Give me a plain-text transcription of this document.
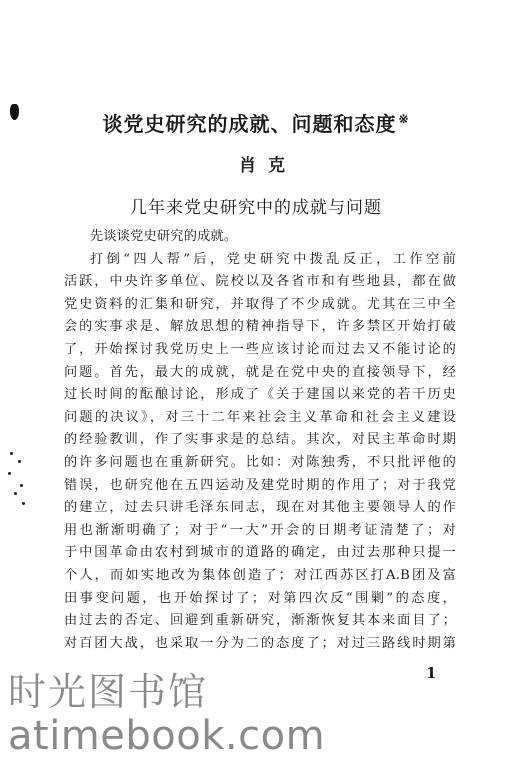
谈党史研究的成就、问题和态度 ※
肖克
几年来党史研究中的成就与问题
先谈谈党史研究的成就。
打倒“四人帮”后，党史研究中拨乱反正，工作空前
活跃，中央许多单位、院校以及各省市和有些地县，都在做
党史资料的汇集和研究，并取得了不少成就。尤其在三中全
会的实事求是、解放思想的精神指导下，许多禁区开始打破
了，开始探讨我党历史上一些应该讨论而过去又不能讨论的
问题。首先，最大的成就，就是在党中央的直接领导下，经
过长时间的酝酿讨论，形成了《关于建国以来党的若干历史
问题的决议》，对三十二年来社会主义革命和社会主义建设
的经验教训，作了实事求是的总结。其次，对民主革命时期
的许多问题也在重新研究。比如：对陈独秀，不只批评他的
错误，也研究他在五四运动及建党时期的作用了；对于我党
的建立，过去只讲毛泽东同志，现在对其他主要领导人的作
用也渐渐明确了；对于“一大”开会的日期考证清楚了；对
于中国革命由农村到城市的道路的确定，由过去那种只提一
个人，而如实地改为集体创造了；对江西苏区打A.B团及富
田事变问题，也开始探讨了；对第四次反“围剿”的态度，
由过去的否定、回避到重新研究，渐渐恢复其本来面目了；
对百团大战，也采取一分为二的态度了；对过三路线时期第
1
时光图书馆
atimebook.com
